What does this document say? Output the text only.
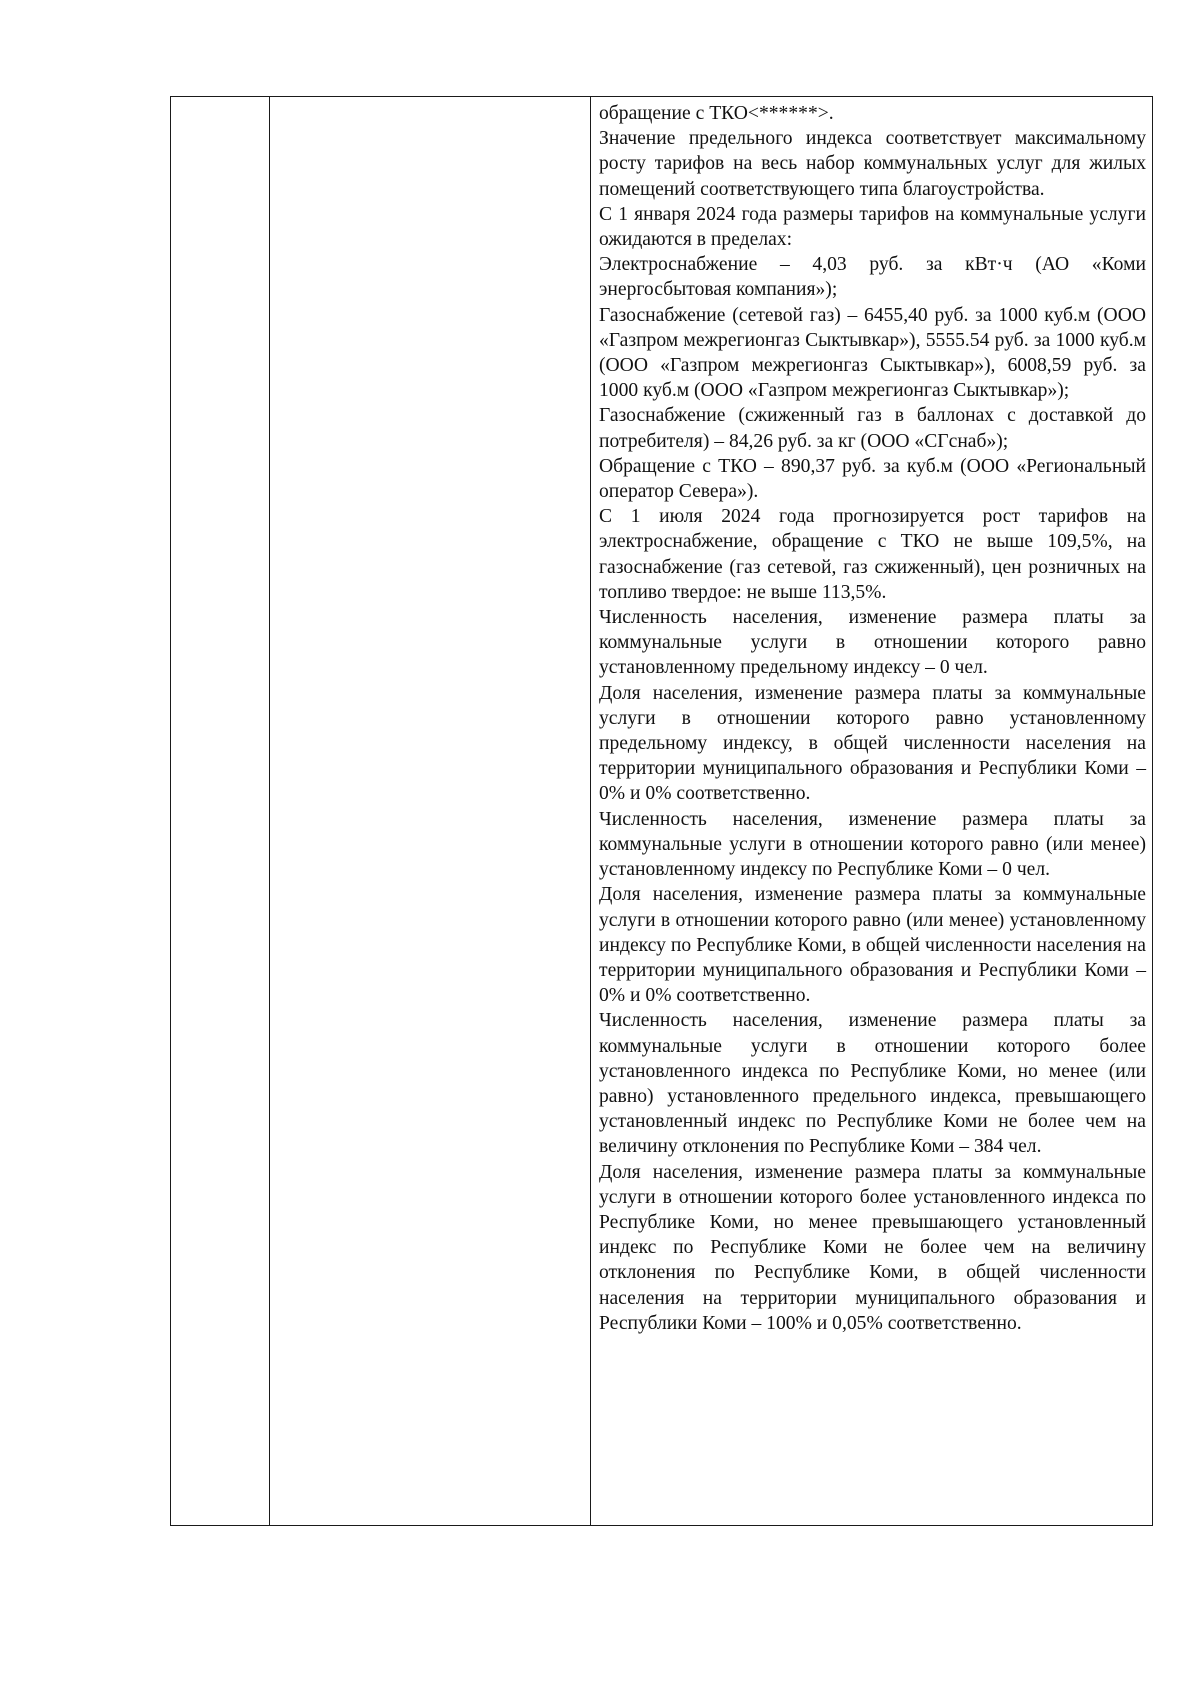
обращение с ТКО<******>.

Значение предельного индекса соответствует максимальному росту тарифов на весь набор коммунальных услуг для жилых помещений соответствующего типа благоустройства.

С 1 января 2024 года размеры тарифов на коммунальные услуги ожидаются в пределах:

Электроснабжение – 4,03 руб. за кВт·ч (АО «Коми энергосбытовая компания»);

Газоснабжение (сетевой газ) – 6455,40 руб. за 1000 куб.м (ООО «Газпром межрегионгаз Сыктывкар»), 5555.54 руб. за 1000 куб.м (ООО «Газпром межрегионгаз Сыктывкар»), 6008,59 руб. за 1000 куб.м (ООО «Газпром межрегионгаз Сыктывкар»);

Газоснабжение (сжиженный газ в баллонах с доставкой до потребителя) – 84,26 руб. за кг (ООО «СГснаб»);

Обращение с ТКО – 890,37 руб. за куб.м (ООО «Региональный оператор Севера»).

С 1 июля 2024 года прогнозируется рост тарифов на электроснабжение, обращение с ТКО не выше 109,5%, на газоснабжение (газ сетевой, газ сжиженный), цен розничных на топливо твердое: не выше 113,5%.

Численность населения, изменение размера платы за коммунальные услуги в отношении которого равно установленному предельному индексу – 0 чел.

Доля населения, изменение размера платы за коммунальные услуги в отношении которого равно установленному предельному индексу, в общей численности населения на территории муниципального образования и Республики Коми – 0% и 0% соответственно.

Численность населения, изменение размера платы за коммунальные услуги в отношении которого равно (или менее) установленному индексу по Республике Коми – 0 чел.

Доля населения, изменение размера платы за коммунальные услуги в отношении которого равно (или менее) установленному индексу по Республике Коми, в общей численности населения на территории муниципального образования и Республики Коми – 0% и 0% соответственно.

Численность населения, изменение размера платы за коммунальные услуги в отношении которого более установленного индекса по Республике Коми, но менее (или равно) установленного предельного индекса, превышающего установленный индекс по Республике Коми не более чем на величину отклонения по Республике Коми – 384 чел.

Доля населения, изменение размера платы за коммунальные услуги в отношении которого более установленного индекса по Республике Коми, но менее превышающего установленный индекс по Республике Коми не более чем на величину отклонения по Республике Коми, в общей численности населения на территории муниципального образования и Республики Коми – 100% и 0,05% соответственно.
